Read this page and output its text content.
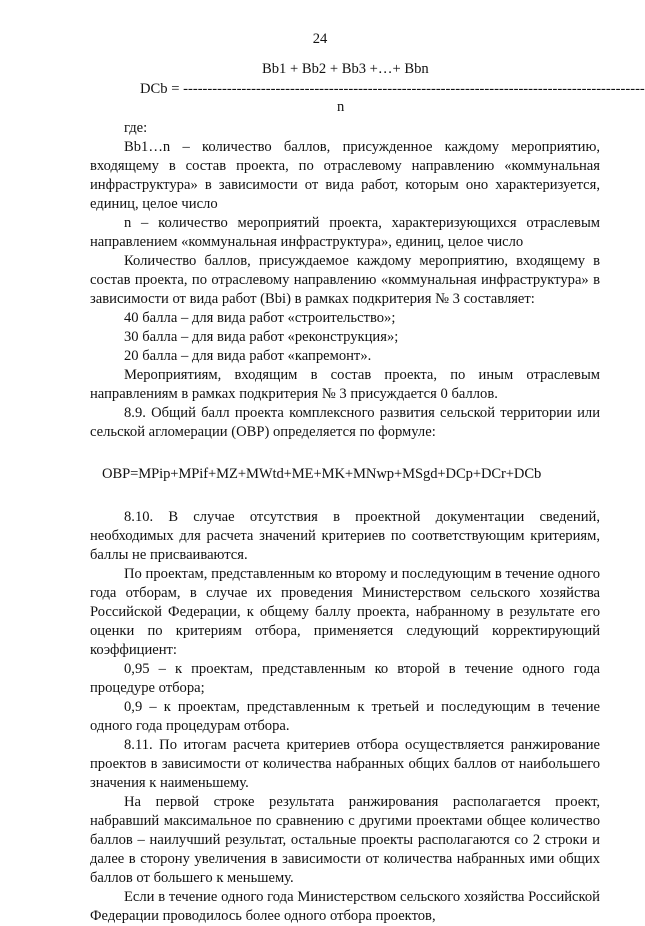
24
Bb1 + Bb2 + Bb3 +…+ Bbn
DCb = -----------------------------------------------------------------------------------------------
n

где:

Bb1…n – количество баллов, присужденное каждому мероприятию, входящему в состав проекта, по отраслевому направлению «коммунальная инфраструктура» в зависимости от вида работ, которым оно характеризуется, единиц, целое число

n – количество мероприятий проекта, характеризующихся отраслевым направлением «коммунальная инфраструктура», единиц, целое число

Количество баллов, присуждаемое каждому мероприятию, входящему в состав проекта, по отраслевому направлению «коммунальная инфраструктура» в зависимости от вида работ (Bbi) в рамках подкритерия № 3 составляет:

40 балла – для вида работ «строительство»;

30 балла – для вида работ «реконструкция»;

20 балла – для вида работ «капремонт».

Мероприятиям, входящим в состав проекта, по иным отраслевым направлениям в рамках подкритерия № 3 присуждается 0 баллов.

8.9. Общий балл проекта комплексного развития сельской территории или сельской агломерации (OBP) определяется по формуле:

OBP=MPip+MPif+MZ+MWtd+ME+MK+MNwp+MSgd+DCp+DCr+DCb

8.10. В случае отсутствия в проектной документации сведений, необходимых для расчета значений критериев по соответствующим критериям, баллы не присваиваются.

По проектам, представленным ко второму и последующим в течение одного года отборам, в случае их проведения Министерством сельского хозяйства Российской Федерации, к общему баллу проекта, набранному в результате его оценки по критериям отбора, применяется следующий корректирующий коэффициент:

0,95 – к проектам, представленным ко второй в течение одного года процедуре отбора;

0,9 – к проектам, представленным к третьей и последующим в течение одного года процедурам отбора.

8.11. По итогам расчета критериев отбора осуществляется ранжирование проектов в зависимости от количества набранных общих баллов от наибольшего значения к наименьшему.

На первой строке результата ранжирования располагается проект, набравший максимальное по сравнению с другими проектами общее количество баллов – наилучший результат, остальные проекты располагаются со 2 строки и далее в сторону увеличения в зависимости от количества набранных ими общих баллов от большего к меньшему.

Если в течение одного года Министерством сельского хозяйства Российской Федерации проводилось более одного отбора проектов,
